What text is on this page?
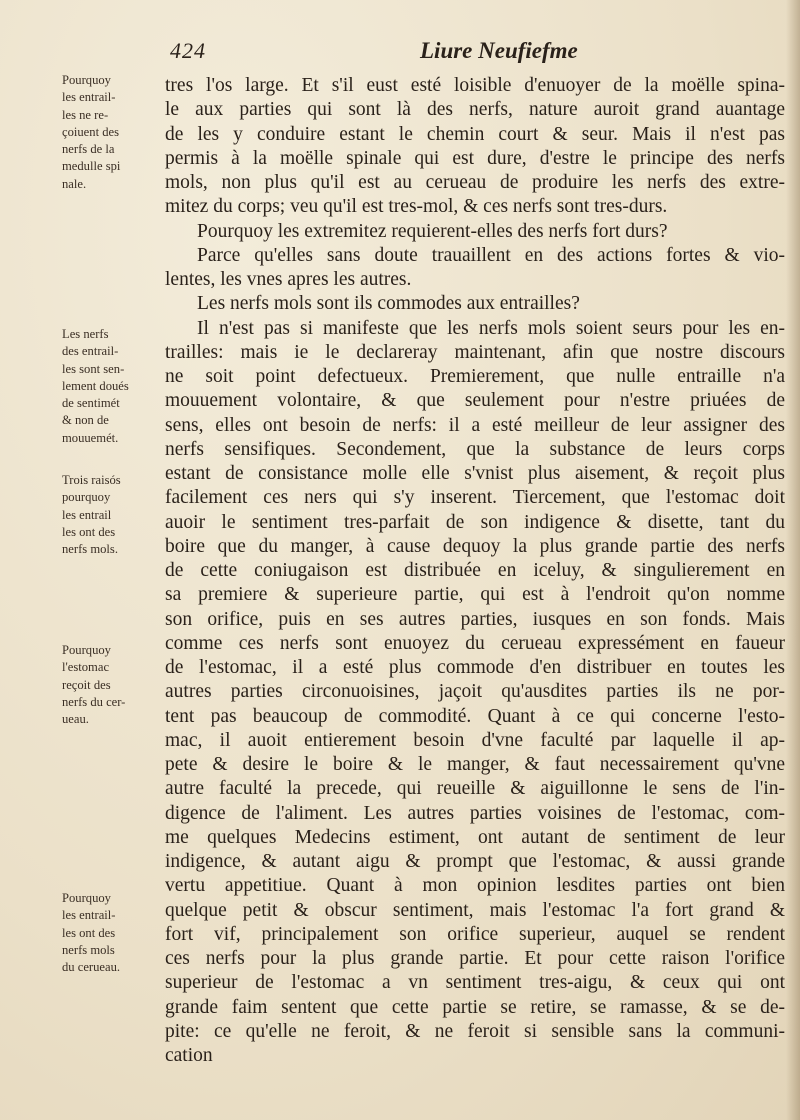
424	Liure Neufiefme
Pourquoy
les entrail-
les ne re-
çoiuent des
nerfs de la
medulle spi
nale.
Les nerfs
des entrail-
les sont sen-
lement doués
de sentimét
& non de
mouuemét.
Trois raisós
pourquoy
les entrail
les ont des
nerfs mols.
Pourquoy
l'estomac
reçoit des
nerfs du cer-
ueau.
Pourquoy
les entrail-
les ont des
nerfs mols
du cerueau.
tres l'os large. Et s'il eust esté loisible d'enuoyer de la moëlle spina-
le aux parties qui sont là des nerfs, nature auroit grand auantage
de les y conduire estant le chemin court & seur. Mais il n'est pas
permis à la moëlle spinale qui est dure, d'estre le principe des nerfs
mols, non plus qu'il est au cerueau de produire les nerfs des extre-
mitez du corps; veu qu'il est tres-mol, & ces nerfs sont tres-durs.
Pourquoy les extremitez requierent-elles des nerfs fort durs?
Parce qu'elles sans doute trauaillent en des actions fortes & vio-
lentes, les vnes apres les autres.
Les nerfs mols sont ils commodes aux entrailles?
Il n'est pas si manifeste que les nerfs mols soient seurs pour les en-
trailles: mais ie le declareray maintenant, afin que nostre discours
ne soit point defectueux. Premierement, que nulle entraille n'a
mouuement volontaire, & que seulement pour n'estre priuées de
sens, elles ont besoin de nerfs: il a esté meilleur de leur assigner des
nerfs sensifiques. Secondement, que la substance de leurs corps
estant de consistance molle elle s'vnist plus aisement, & reçoit plus
facilement ces ners qui s'y inserent. Tiercement, que l'estomac doit
auoir le sentiment tres-parfait de son indigence & disette, tant du
boire que du manger, à cause dequoy la plus grande partie des nerfs
de cette coniugaison est distribuée en iceluy, & singulierement en
sa premiere & superieure partie, qui est à l'endroit qu'on nomme
son orifice, puis en ses autres parties, iusques en son fonds. Mais
comme ces nerfs sont enuoyez du cerueau expressément en faueur
de l'estomac, il a esté plus commode d'en distribuer en toutes les
autres parties circonuoisines, jaçoit qu'ausdites parties ils ne por-
tent pas beaucoup de commodité. Quant à ce qui concerne l'esto-
mac, il auoit entierement besoin d'vne faculté par laquelle il ap-
pete & desire le boire & le manger, & faut necessairement qu'vne
autre faculté la precede, qui reueille & aiguillonne le sens de l'in-
digence de l'aliment. Les autres parties voisines de l'estomac, com-
me quelques Medecins estiment, ont autant de sentiment de leur
indigence, & autant aigu & prompt que l'estomac, & aussi grande
vertu appetitiue. Quant à mon opinion lesdites parties ont bien
quelque petit & obscur sentiment, mais l'estomac l'a fort grand &
fort vif, principalement son orifice superieur, auquel se rendent
ces nerfs pour la plus grande partie. Et pour cette raison l'orifice
superieur de l'estomac a vn sentiment tres-aigu, & ceux qui ont
grande faim sentent que cette partie se retire, se ramasse, & se de-
pite: ce qu'elle ne feroit, & ne feroit si sensible sans la communi-
cation
